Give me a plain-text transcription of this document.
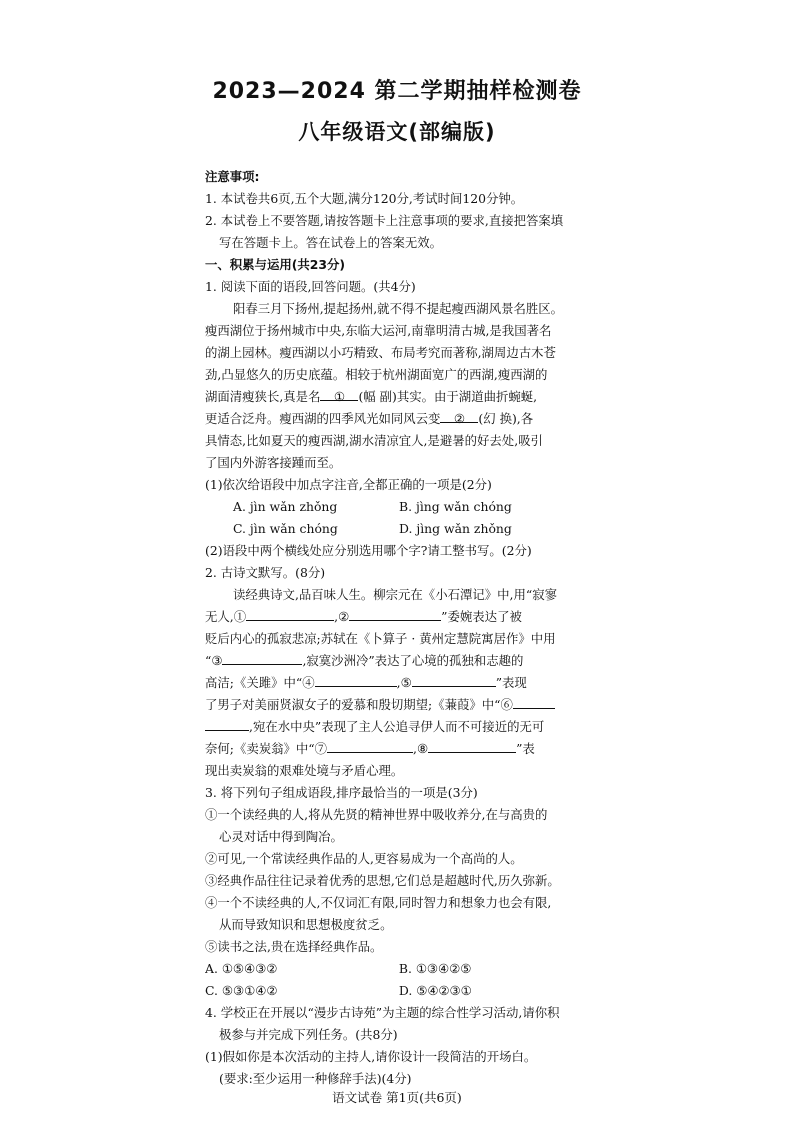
2023—2024 第二学期抽样检测卷
八年级语文(部编版)
注意事项:
1. 本试卷共6页,五个大题,满分120分,考试时间120分钟。
2. 本试卷上不要答题,请按答题卡上注意事项的要求,直接把答案填
写在答题卡上。答在试卷上的答案无效。
一、积累与运用(共23分)
1. 阅读下面的语段,回答问题。(共4分)
阳春三月下扬州,提起扬州,就不得不提起瘦西湖风景名胜区。
瘦西湖位于扬州城市中央,东临大运河,南靠明清古城,是我国著名
的湖上园林。瘦西湖以小巧精致、布局考究而著称,湖周边古木苍
劲,凸显悠久的历史底蕴。相较于杭州湖面宽广的西湖,瘦西湖的
湖面清瘦狭长,真是名 ① (幅 副)其实。由于湖道曲折蜿蜒,
更适合泛舟。瘦西湖的四季风光如同风云变 ② (幻 换),各
具情态,比如夏天的瘦西湖,湖水清凉宜人,是避暑的好去处,吸引
了国内外游客接踵而至。
(1)依次给语段中加点字注音,全都正确的一项是(2分)
A. jìn wǎn zhǒng	B. jìng wǎn chóng
C. jìn wǎn chóng	D. jìng wǎn zhǒng
(2)语段中两个横线处应分别选用哪个字?请工整书写。(2分)
2. 古诗文默写。(8分)
读经典诗文,品百味人生。柳宗元在《小石潭记》中,用“寂寥
无人,①	,②	”委婉表达了被
贬后内心的孤寂悲凉;苏轼在《卜算子 · 黄州定慧院寓居作》中用
“③	,寂寞沙洲冷”表达了心境的孤独和志趣的
高洁;《关雎》中“④	,⑤	”表现
了男子对美丽贤淑女子的爱慕和殷切期望;《蒹葭》中“⑥
,宛在水中央”表现了主人公追寻伊人而不可接近的无可
奈何;《卖炭翁》中“⑦	,⑧	”表
现出卖炭翁的艰难处境与矛盾心理。
3. 将下列句子组成语段,排序最恰当的一项是(3分)
①一个读经典的人,将从先贤的精神世界中吸收养分,在与高贵的
心灵对话中得到陶冶。
②可见,一个常读经典作品的人,更容易成为一个高尚的人。
③经典作品往往记录着优秀的思想,它们总是超越时代,历久弥新。
④一个不读经典的人,不仅词汇有限,同时智力和想象力也会有限,
从而导致知识和思想极度贫乏。
⑤读书之法,贵在选择经典作品。
A. ①⑤④③②	B. ①③④②⑤
C. ⑤③①④②	D. ⑤④②③①
4. 学校正在开展以“漫步古诗苑”为主题的综合性学习活动,请你积
极参与并完成下列任务。(共8分)
(1)假如你是本次活动的主持人,请你设计一段简洁的开场白。
(要求:至少运用一种修辞手法)(4分)
语文试卷 第1页(共6页)
